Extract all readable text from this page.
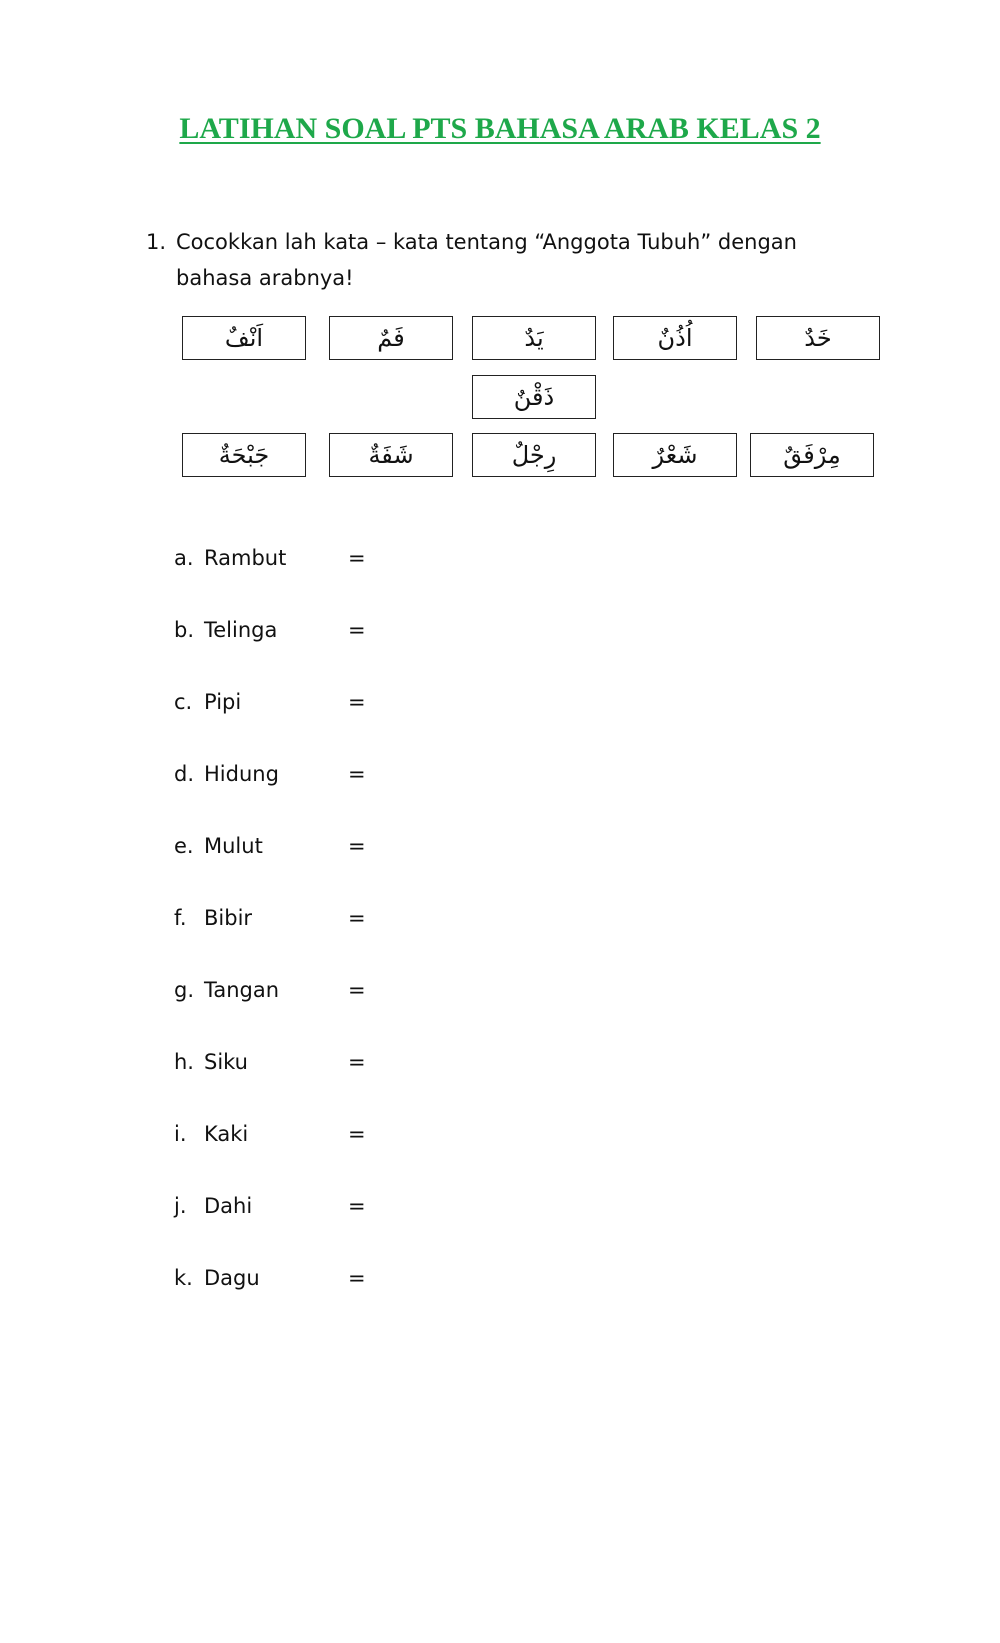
LATIHAN SOAL PTS BAHASA ARAB KELAS 2
1. Cocokkan lah kata – kata tentang “Anggota Tubuh” dengan bahasa arabnya!
اَنْفٌ	فَمٌ	يَدٌ	اُذُنٌ	خَدٌ
ذَقْنٌ
جَبْحَةٌ	شَفَةٌ	رِجْلٌ	شَعْرٌ	مِرْفَقٌ
a. Rambut	=
b. Telinga	=
c. Pipi	=
d. Hidung	=
e. Mulut	=
f. Bibir	=
g. Tangan	=
h. Siku	=
i. Kaki	=
j. Dahi	=
k. Dagu	=
